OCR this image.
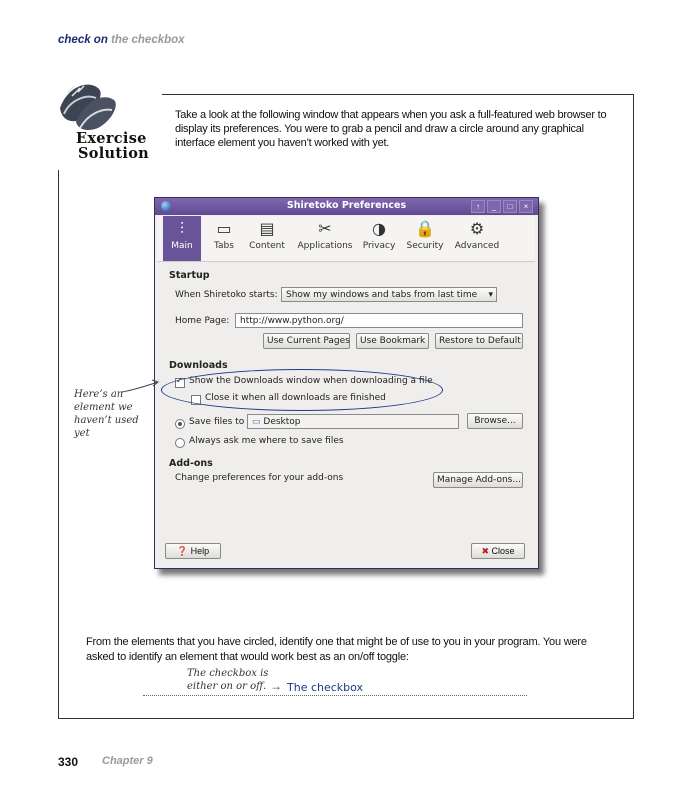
check on the checkbox
Exercise
Solution
Take a look at the following window that appears when you ask a full-featured web browser to display its preferences. You were to grab a pencil and draw a circle around any graphical interface element you haven’t worked with yet.
Shiretoko Preferences	↑	_	□	×
⫶
Main
▭
Tabs
▤
Content
✂
Applications
◑
Privacy
🔒
Security
⚙
Advanced
Startup
When Shiretoko starts: Show my windows and tabs from last time ▾
Home Page:	http://www.python.org/
Use Current Pages	Use Bookmark	Restore to Default
Downloads
✓ Show the Downloads window when downloading a file
Close it when all downloads are finished
Save files to ▭ Desktop	Browse...
Always ask me where to save files
Add-ons
Change preferences for your add-ons	Manage Add-ons...
❓ Help	✖ Close
Here’s an element we haven’t used yet
From the elements that you have circled, identify one that might be of use to you in your program. You were asked to identify an element that would work best as an on/off toggle:
The checkbox is either on or off. → The checkbox
330 Chapter 9
